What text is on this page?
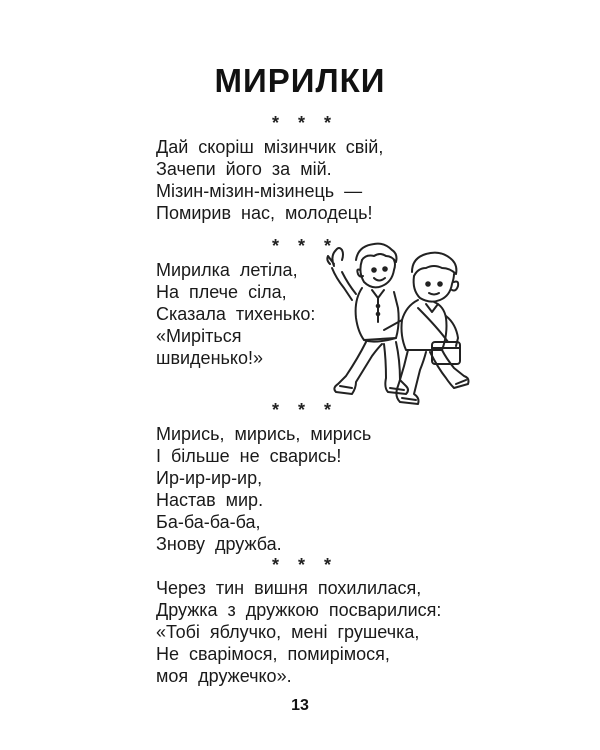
МИРИЛКИ
* * *
Дай скоріш мізинчик свій,
Зачепи його за мій.
Мізин-мізин-мізинець —
Помирив нас, молодець!
* * *
Мирилка летіла,
На плече сіла,
Сказала тихенько:
«Миріться
швиденько!»
* * *
Мирись, мирись, мирись
І більше не сварись!
Ир-ир-ир-ир,
Настав мир.
Ба-ба-ба-ба,
Знову дружба.
* * *
Через тин вишня похилилася,
Дружка з дружкою посварилися:
«Тобі яблучко, мені грушечка,
Не сварімося, помирімося,
моя дружечко».
13
